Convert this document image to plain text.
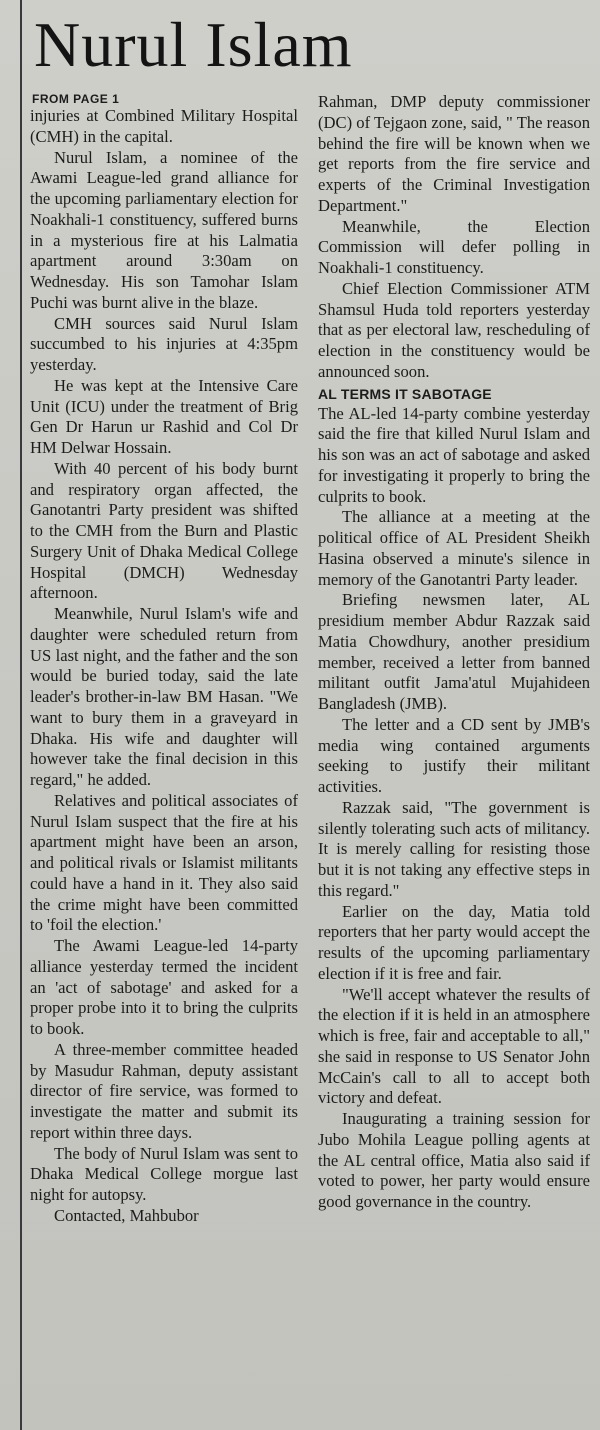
Nurul Islam
FROM PAGE 1

injuries at Combined Military Hospital (CMH) in the capital.

Nurul Islam, a nominee of the Awami League-led grand alliance for the upcoming parliamentary election for Noakhali-1 constituency, suffered burns in a mysterious fire at his Lalmatia apartment around 3:30am on Wednesday. His son Tamohar Islam Puchi was burnt alive in the blaze.

CMH sources said Nurul Islam succumbed to his injuries at 4:35pm yesterday.

He was kept at the Intensive Care Unit (ICU) under the treatment of Brig Gen Dr Harun ur Rashid and Col Dr HM Delwar Hossain.

With 40 percent of his body burnt and respiratory organ affected, the Ganotantri Party president was shifted to the CMH from the Burn and Plastic Surgery Unit of Dhaka Medical College Hospital (DMCH) Wednesday afternoon.

Meanwhile, Nurul Islam's wife and daughter were scheduled return from US last night, and the father and the son would be buried today, said the late leader's brother-in-law BM Hasan. "We want to bury them in a graveyard in Dhaka. His wife and daughter will however take the final decision in this regard," he added.

Relatives and political associates of Nurul Islam suspect that the fire at his apartment might have been an arson, and political rivals or Islamist militants could have a hand in it. They also said the crime might have been committed to 'foil the election.'

The Awami League-led 14-party alliance yesterday termed the incident an 'act of sabotage' and asked for a proper probe into it to bring the culprits to book.

A three-member committee headed by Masudur Rahman, deputy assistant director of fire service, was formed to investigate the matter and submit its report within three days.

The body of Nurul Islam was sent to Dhaka Medical College morgue last night for autopsy.

Contacted, Mahbubor

Rahman, DMP deputy commissioner (DC) of Tejgaon zone, said, " The reason behind the fire will be known when we get reports from the fire service and experts of the Criminal Investigation Department."

Meanwhile, the Election Commission will defer polling in Noakhali-1 constituency.

Chief Election Commissioner ATM Shamsul Huda told reporters yesterday that as per electoral law, rescheduling of election in the constituency would be announced soon.

AL TERMS IT SABOTAGE

The AL-led 14-party combine yesterday said the fire that killed Nurul Islam and his son was an act of sabotage and asked for investigating it properly to bring the culprits to book.

The alliance at a meeting at the political office of AL President Sheikh Hasina observed a minute's silence in memory of the Ganotantri Party leader.

Briefing newsmen later, AL presidium member Abdur Razzak said Matia Chowdhury, another presidium member, received a letter from banned militant outfit Jama'atul Mujahideen Bangladesh (JMB).

The letter and a CD sent by JMB's media wing contained arguments seeking to justify their militant activities.

Razzak said, "The government is silently tolerating such acts of militancy. It is merely calling for resisting those but it is not taking any effective steps in this regard."

Earlier on the day, Matia told reporters that her party would accept the results of the upcoming parliamentary election if it is free and fair.

"We'll accept whatever the results of the election if it is held in an atmosphere which is free, fair and acceptable to all," she said in response to US Senator John McCain's call to all to accept both victory and defeat.

Inaugurating a training session for Jubo Mohila League polling agents at the AL central office, Matia also said if voted to power, her party would ensure good governance in the country.
